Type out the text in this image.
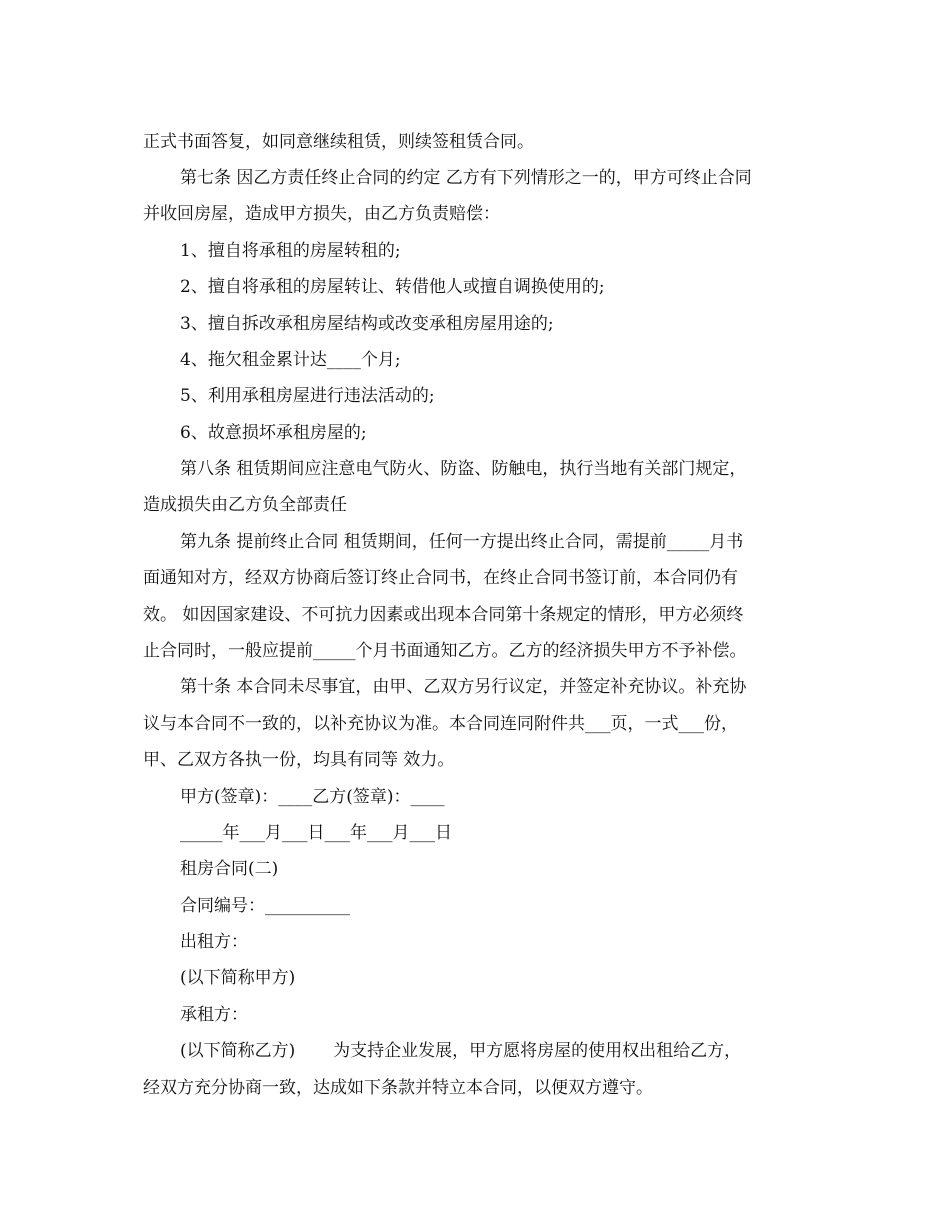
正式书面答复，如同意继续租赁，则续签租赁合同。
第七条 因乙方责任终止合同的约定 乙方有下列情形之一的，甲方可终止合同
并收回房屋，造成甲方损失，由乙方负责赔偿：
1、擅自将承租的房屋转租的;
2、擅自将承租的房屋转让、转借他人或擅自调换使用的;
3、擅自拆改承租房屋结构或改变承租房屋用途的;
4、拖欠租金累计达____个月;
5、利用承租房屋进行违法活动的;
6、故意损坏承租房屋的;
第八条 租赁期间应注意电气防火、防盗、防触电，执行当地有关部门规定，
造成损失由乙方负全部责任
第九条 提前终止合同 租赁期间，任何一方提出终止合同，需提前_____月书
面通知对方，经双方协商后签订终止合同书，在终止合同书签订前，本合同仍有
效。 如因国家建设、不可抗力因素或出现本合同第十条规定的情形，甲方必须终
止合同时，一般应提前_____个月书面通知乙方。乙方的经济损失甲方不予补偿。
第十条 本合同未尽事宜，由甲、乙双方另行议定，并签定补充协议。补充协
议与本合同不一致的，以补充协议为准。本合同连同附件共___页，一式___份，
甲、乙双方各执一份，均具有同等 效力。
甲方(签章)：____乙方(签章)：____
_____年___月___日___年___月___日
租房合同(二)
合同编号：__________
出租方：
(以下简称甲方)
承租方：
(以下简称乙方)       为支持企业发展，甲方愿将房屋的使用权出租给乙方，
经双方充分协商一致，达成如下条款并特立本合同，以便双方遵守。
